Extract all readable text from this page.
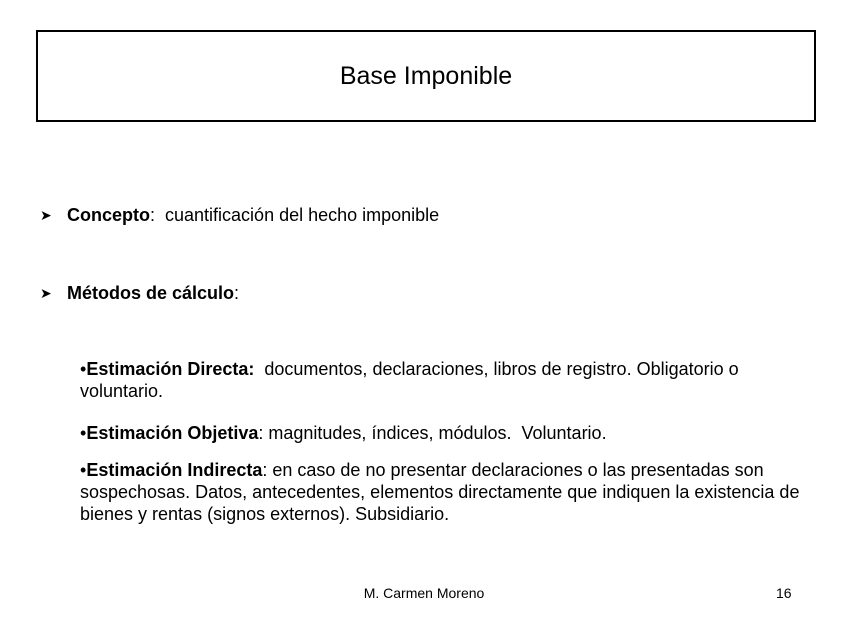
Base Imponible
➤ Concepto:  cuantificación del hecho imponible
➤ Métodos de cálculo:
•Estimación Directa:  documentos, declaraciones, libros de registro. Obligatorio o voluntario.
•Estimación Objetiva: magnitudes, índices, módulos.  Voluntario.
•Estimación Indirecta: en caso de no presentar declaraciones o las presentadas son sospechosas. Datos, antecedentes, elementos directamente que indiquen la existencia de bienes y rentas (signos externos). Subsidiario.
M. Carmen Moreno	16
